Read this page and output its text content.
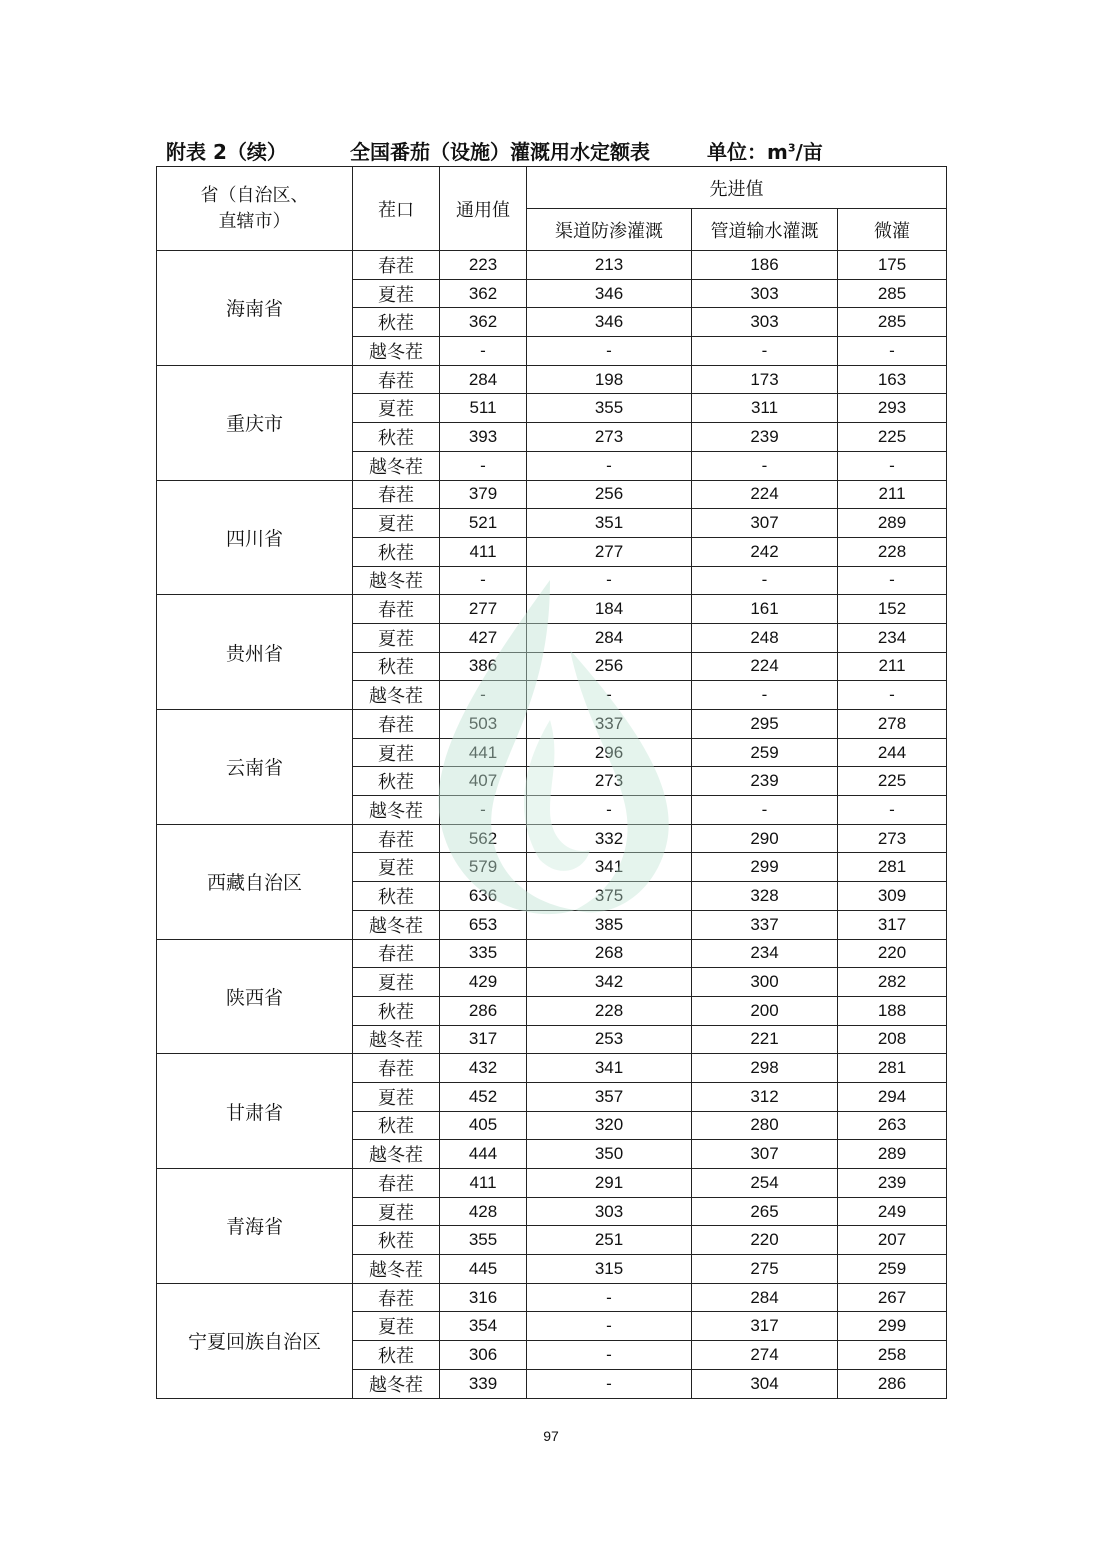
附表 2（续）	全国番茄（设施）灌溉用水定额表	单位：$m^3/$亩
省（自治区、
直辖市）	茬口	通用值	先进值		
			渠道防渗灌溉	管道输水灌溉	微灌
海南省	春茬	223	213	186	175
	夏茬	362	346	303	285
	秋茬	362	346	303	285
	越冬茬	-	-	-	-
重庆市	春茬	284	198	173	163
	夏茬	511	355	311	293
	秋茬	393	273	239	225
	越冬茬	-	-	-	-
四川省	春茬	379	256	224	211
	夏茬	521	351	307	289
	秋茬	411	277	242	228
	越冬茬	-	-	-	-
贵州省	春茬	277	184	161	152
	夏茬	427	284	248	234
	秋茬	386	256	224	211
	越冬茬	-	-	-	-
云南省	春茬	503	337	295	278
	夏茬	441	296	259	244
	秋茬	407	273	239	225
	越冬茬	-	-	-	-
西藏自治区	春茬	562	332	290	273
	夏茬	579	341	299	281
	秋茬	636	375	328	309
	越冬茬	653	385	337	317
陕西省	春茬	335	268	234	220
	夏茬	429	342	300	282
	秋茬	286	228	200	188
	越冬茬	317	253	221	208
甘肃省	春茬	432	341	298	281
	夏茬	452	357	312	294
	秋茬	405	320	280	263
	越冬茬	444	350	307	289
青海省	春茬	411	291	254	239
	夏茬	428	303	265	249
	秋茬	355	251	220	207
	越冬茬	445	315	275	259
宁夏回族自治区	春茬	316	-	284	267
	夏茬	354	-	317	299
	秋茬	306	-	274	258
	越冬茬	339	-	304	286
97
